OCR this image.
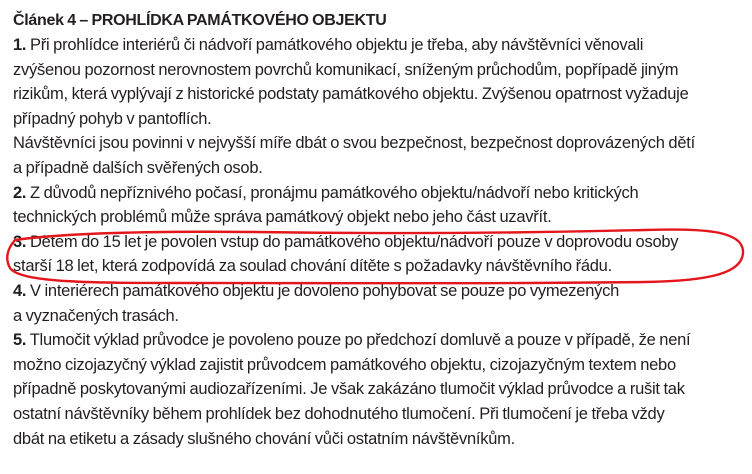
Článek 4 – PROHLÍDKA PAMÁTKOVÉHO OBJEKTU
1. Při prohlídce interiérů či nádvoří památkového objektu je třeba, aby návštěvníci věnovali
zvýšenou pozornost nerovnostem povrchů komunikací, sníženým průchodům, popřípadě jiným
rizikům, která vyplývají z historické podstaty památkového objektu. Zvýšenou opatrnost vyžaduje
případný pohyb v pantoflích.
Návštěvníci jsou povinni v nejvyšší míře dbát o svou bezpečnost, bezpečnost doprovázených dětí
a případně dalších svěřených osob.
2. Z důvodů nepříznivého počasí, pronájmu památkového objektu/nádvoří nebo kritických
technických problémů může správa památkový objekt nebo jeho část uzavřít.
3. Dětem do 15 let je povolen vstup do památkového objektu/nádvoří pouze v doprovodu osoby
starší 18 let, která zodpovídá za soulad chování dítěte s požadavky návštěvního řádu.
4. V interiérech památkového objektu je dovoleno pohybovat se pouze po vymezených
a vyznačených trasách.
5. Tlumočit výklad průvodce je povoleno pouze po předchozí domluvě a pouze v případě, že není
možno cizojazyčný výklad zajistit průvodcem památkového objektu, cizojazyčným textem nebo
případně poskytovanými audiozařízeními. Je však zakázáno tlumočit výklad průvodce a rušit tak
ostatní návštěvníky během prohlídek bez dohodnutého tlumočení. Při tlumočení je třeba vždy
dbát na etiketu a zásady slušného chování vůči ostatním návštěvníkům.
